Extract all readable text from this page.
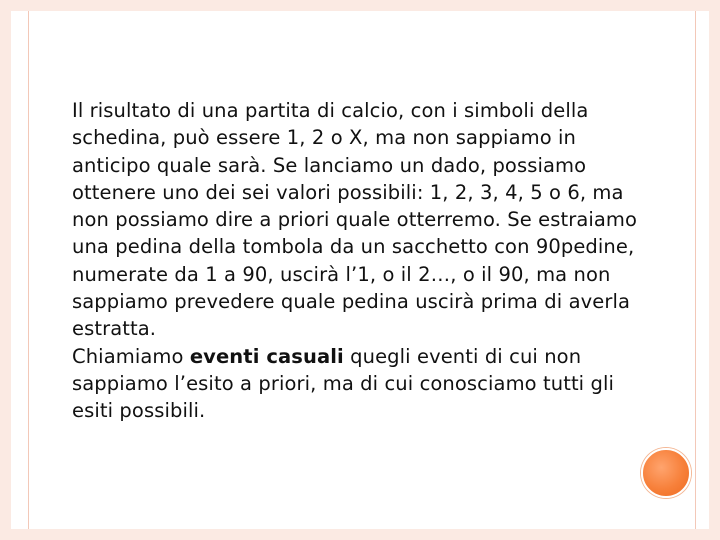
Il risultato di una partita di calcio, con i simboli della schedina, può essere 1, 2 o X, ma non sappiamo in anticipo quale sarà. Se lanciamo un dado, possiamo ottenere uno dei sei valori possibili: 1, 2, 3, 4, 5 o 6, ma non possiamo dire a priori quale otterremo. Se estraiamo una pedina della tombola da un sacchetto con 90pedine, numerate da 1 a 90, uscirà l’1, o il 2…, o il 90, ma non sappiamo prevedere quale pedina uscirà prima di averla estratta.

Chiamiamo eventi casuali quegli eventi di cui non sappiamo l’esito a priori, ma di cui conosciamo tutti gli esiti possibili.
